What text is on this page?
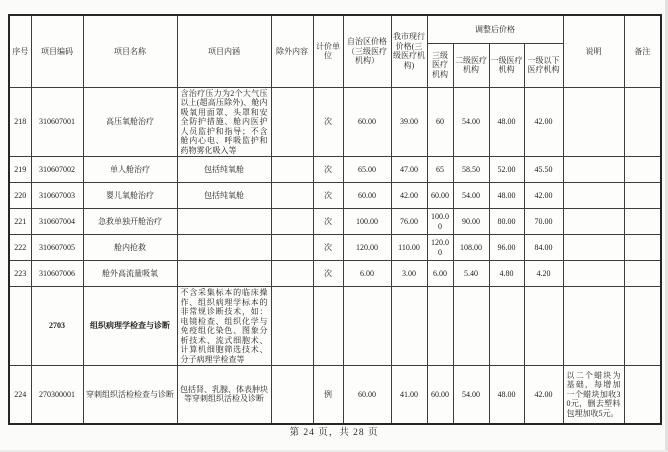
序号	项目编码	项目名称	项目内涵	除外内容	计价单位	自治区价格（三级医疗机构）	我市现行价格(三级医疗机构)	调整后价格				说明	备注
								三级医疗机构	二级医疗机构	一级医疗机构	一级以下医疗机构		
218	310607001	高压氧舱治疗	含治疗压力为2个大气压以上(超高压除外)、舱内吸氧用面罩、头罩和安全防护措施、舱内医护人员监护和指导；不含舱内心电、呼吸监护和药物雾化吸入等		次	60.00	39.00	60	54.00	48.00	42.00		
219	310607002	单人舱治疗	包括纯氧舱		次	65.00	47.00	65	58.50	52.00	45.50		
220	310607003	婴儿氧舱治疗	包括纯氧舱		次	60.00	42.00	60.00	54.00	48.00	42.00		
221	310607004	急救单独开舱治疗			次	100.00	76.00	100.00	90.00	80.00	70.00		
222	310607005	舱内抢救			次	120.00	110.00	120.00	108.00	96.00	84.00		
223	310607006	舱外高流量吸氧			次	6.00	3.00	6.00	5.40	4.80	4.20		
	2703	组织病理学检查与诊断	不含采集标本的临床操作、组织病理学标本的非常规诊断技术，如：电镜检查、组织化学与免疫组化染色、图象分析技术、流式细胞术、计算机细胞筛选技术、 分子病理学检查等										
224	270300001	穿刺组织活检检查与诊断	包括肾、乳腺、体表肿块等穿刺组织活检及诊断		例	60.00	41.00	60.00	54.00	48.00	42.00	以二个蜡块为基础，每增加一个蜡块加收30元，删去塑料包埋加收5元。	
第 24 页，共 28 页
